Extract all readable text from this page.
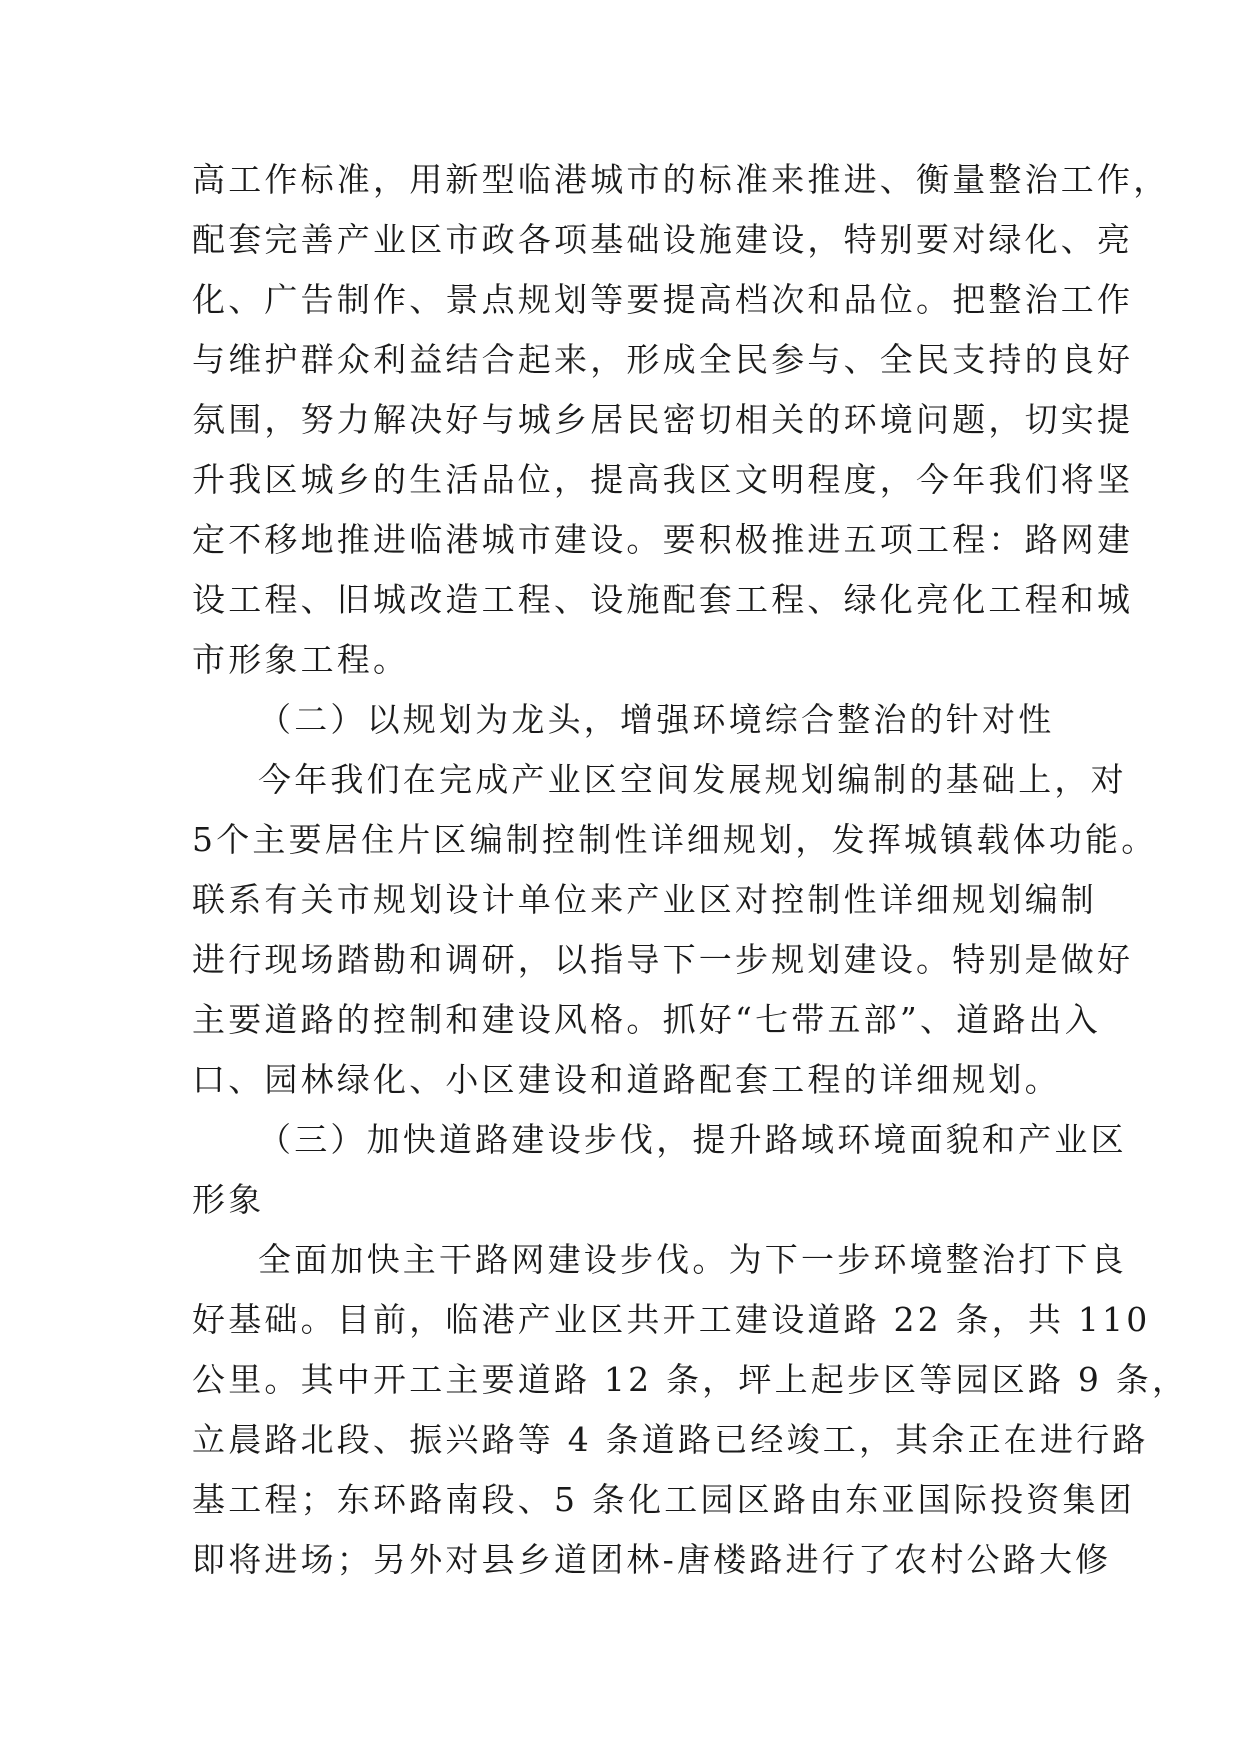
高工作标准，用新型临港城市的标准来推进、衡量整治工作，
配套完善产业区市政各项基础设施建设，特别要对绿化、亮
化、广告制作、景点规划等要提高档次和品位。把整治工作
与维护群众利益结合起来，形成全民参与、全民支持的良好
氛围，努力解决好与城乡居民密切相关的环境问题，切实提
升我区城乡的生活品位，提高我区文明程度，今年我们将坚
定不移地推进临港城市建设。要积极推进五项工程：路网建
设工程、旧城改造工程、设施配套工程、绿化亮化工程和城
市形象工程。
（二）以规划为龙头，增强环境综合整治的针对性
今年我们在完成产业区空间发展规划编制的基础上，对
5个主要居住片区编制控制性详细规划，发挥城镇载体功能。
联系有关市规划设计单位来产业区对控制性详细规划编制
进行现场踏勘和调研，以指导下一步规划建设。特别是做好
主要道路的控制和建设风格。抓好“七带五部”、道路出入
口、园林绿化、小区建设和道路配套工程的详细规划。
（三）加快道路建设步伐，提升路域环境面貌和产业区
形象
全面加快主干路网建设步伐。为下一步环境整治打下良
好基础。目前，临港产业区共开工建设道路 22 条，共 110
公里。其中开工主要道路 12 条，坪上起步区等园区路 9 条，
立晨路北段、振兴路等 4 条道路已经竣工，其余正在进行路
基工程；东环路南段、5 条化工园区路由东亚国际投资集团
即将进场；另外对县乡道团林-唐楼路进行了农村公路大修
